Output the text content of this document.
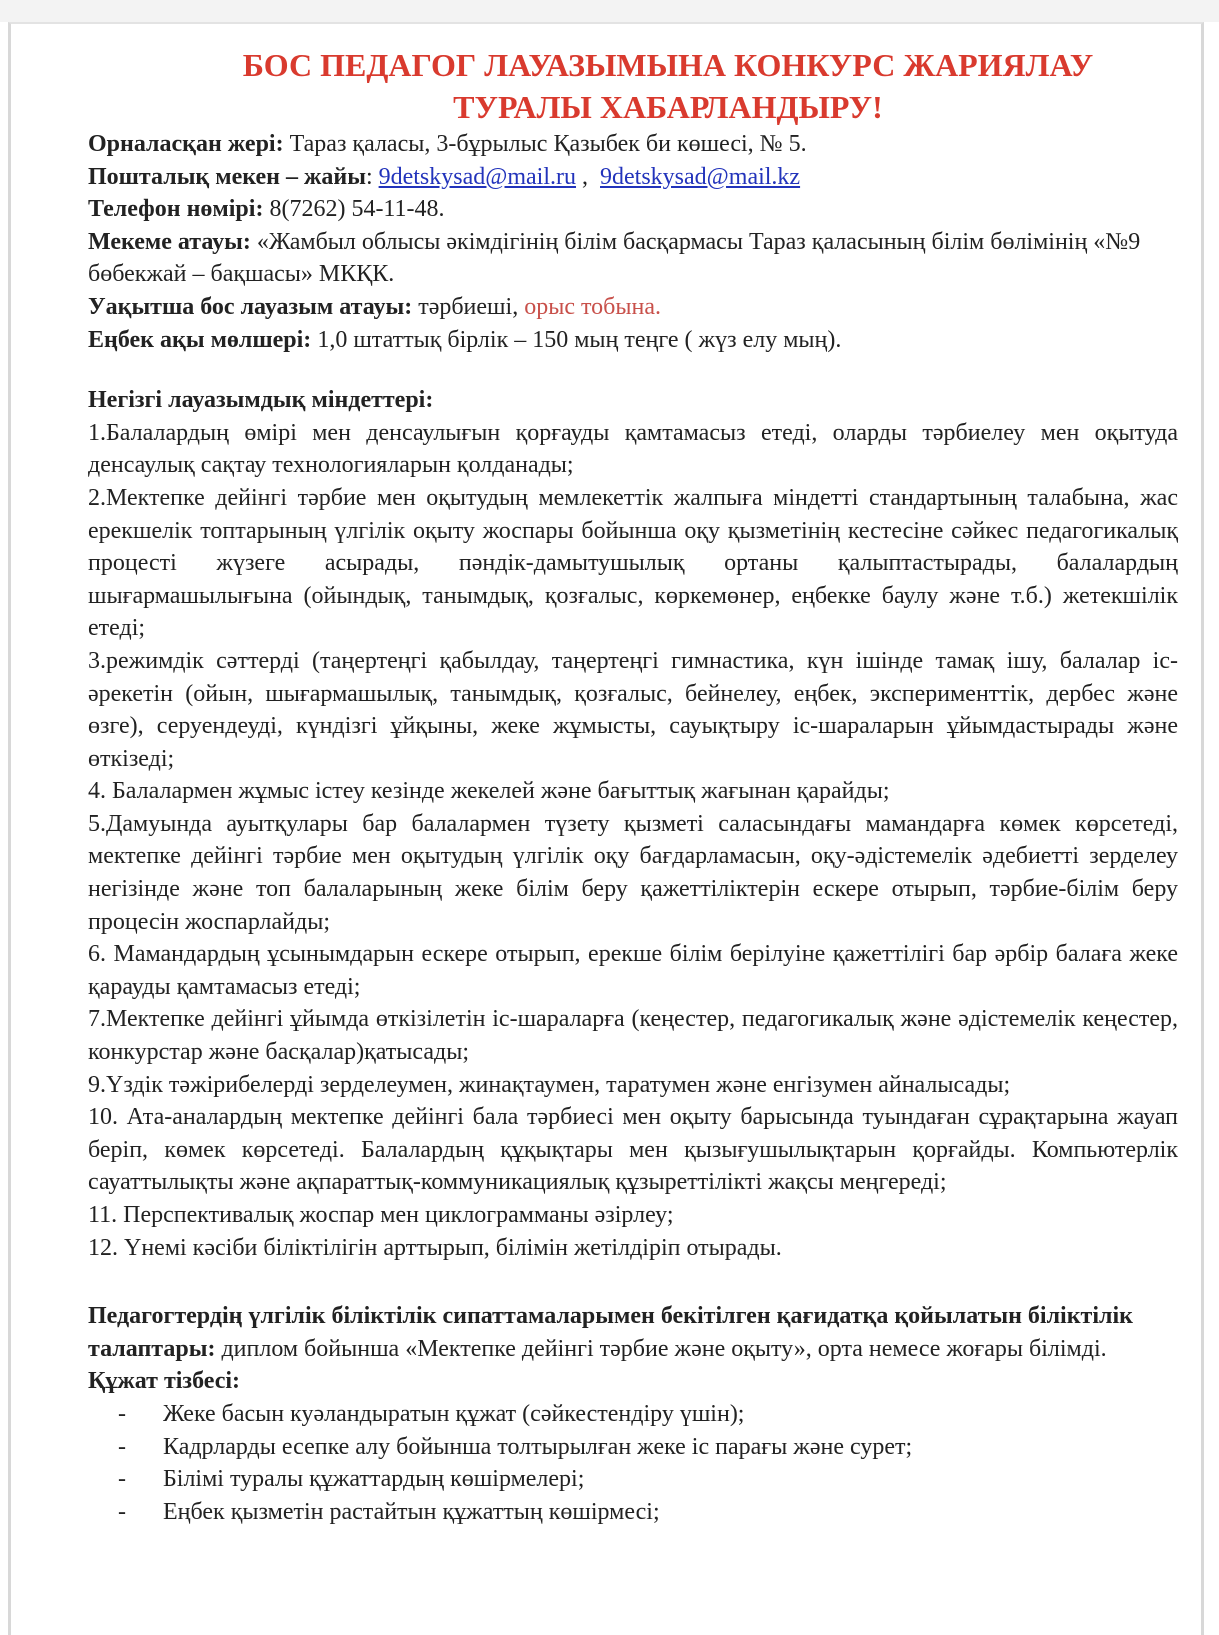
БОС ПЕДАГОГ ЛАУАЗЫМЫНА КОНКУРС ЖАРИЯЛАУ
ТУРАЛЫ ХАБАРЛАНДЫРУ!

Орналасқан жері: Тараз қаласы, 3-бұрылыс Қазыбек би көшесі, № 5.

Пошталық мекен – жайы: 9detskysad@mail.ru , 9detskysad@mail.kz

Телефон нөмірі: 8(7262) 54-11-48.

Мекеме атауы: «Жамбыл облысы әкімдігінің білім басқармасы Тараз қаласының білім бөлімінің «№9 бөбекжай – бақшасы» МКҚК.

Уақытша бос лауазым атауы: тәрбиеші, орыс тобына.

Еңбек ақы мөлшері: 1,0 штаттық бірлік – 150 мың теңге ( жүз елу мың).

Негізгі лауазымдық міндеттері:

1.Балалардың өмірі мен денсаулығын қорғауды қамтамасыз етеді, оларды тәрбиелеу мен оқытуда денсаулық сақтау технологияларын қолданады;

2.Мектепке дейінгі тәрбие мен оқытудың мемлекеттік жалпыға міндетті стандартының талабына, жас ерекшелік топтарының үлгілік оқыту жоспары бойынша оқу қызметінің кестесіне сәйкес педагогикалық процесті жүзеге асырады, пәндік-дамытушылық ортаны қалыптастырады, балалардың шығармашылығына (ойындық, танымдық, қозғалыс, көркемөнер, еңбекке баулу және т.б.) жетекшілік етеді;

3.режимдік сәттерді (таңертеңгі қабылдау, таңертеңгі гимнастика, күн ішінде тамақ ішу, балалар іс-әрекетін (ойын, шығармашылық, танымдық, қозғалыс, бейнелеу, еңбек, эксперименттік, дербес және өзге), серуендеуді, күндізгі ұйқыны, жеке жұмысты, сауықтыру іс-шараларын ұйымдастырады және өткізеді;

4. Балалармен жұмыс істеу кезінде жекелей және бағыттық жағынан қарайды;

5.Дамуында ауытқулары бар балалармен түзету қызметі саласындағы мамандарға көмек көрсетеді, мектепке дейінгі тәрбие мен оқытудың үлгілік оқу бағдарламасын, оқу-әдістемелік әдебиетті зерделеу негізінде және топ балаларының жеке білім беру қажеттіліктерін ескере отырып, тәрбие-білім беру процесін жоспарлайды;

6. Мамандардың ұсынымдарын ескере отырып, ерекше білім берілуіне қажеттілігі бар әрбір балаға жеке қарауды қамтамасыз етеді;

7.Мектепке дейінгі ұйымда өткізілетін іс-шараларға (кеңестер, педагогикалық және әдістемелік кеңестер, конкурстар және басқалар)қатысады;

9.Үздік тәжірибелерді зерделеумен, жинақтаумен, таратумен және енгізумен айналысады;

10. Ата-аналардың мектепке дейінгі бала тәрбиесі мен оқыту барысында туындаған сұрақтарына жауап беріп, көмек көрсетеді. Балалардың құқықтары мен қызығушылықтарын қорғайды. Компьютерлік сауаттылықты және ақпараттық-коммуникациялық құзыреттілікті жақсы меңгереді;

11. Перспективалық жоспар мен циклограмманы әзірлеу;

12. Үнемі кәсіби біліктілігін арттырып, білімін жетілдіріп отырады.

Педагогтердің үлгілік біліктілік сипаттамаларымен бекітілген қағидатқа қойылатын біліктілік талаптары: диплом бойынша «Мектепке дейінгі тәрбие және оқыту», орта немесе жоғары білімді.

Құжат тізбесі:

- Жеке басын куәландыратын құжат (сәйкестендіру үшін);
- Кадрларды есепке алу бойынша толтырылған жеке іс парағы және сурет;
- Білімі туралы құжаттардың көшірмелері;
- Еңбек қызметін растайтын құжаттың көшірмесі;
